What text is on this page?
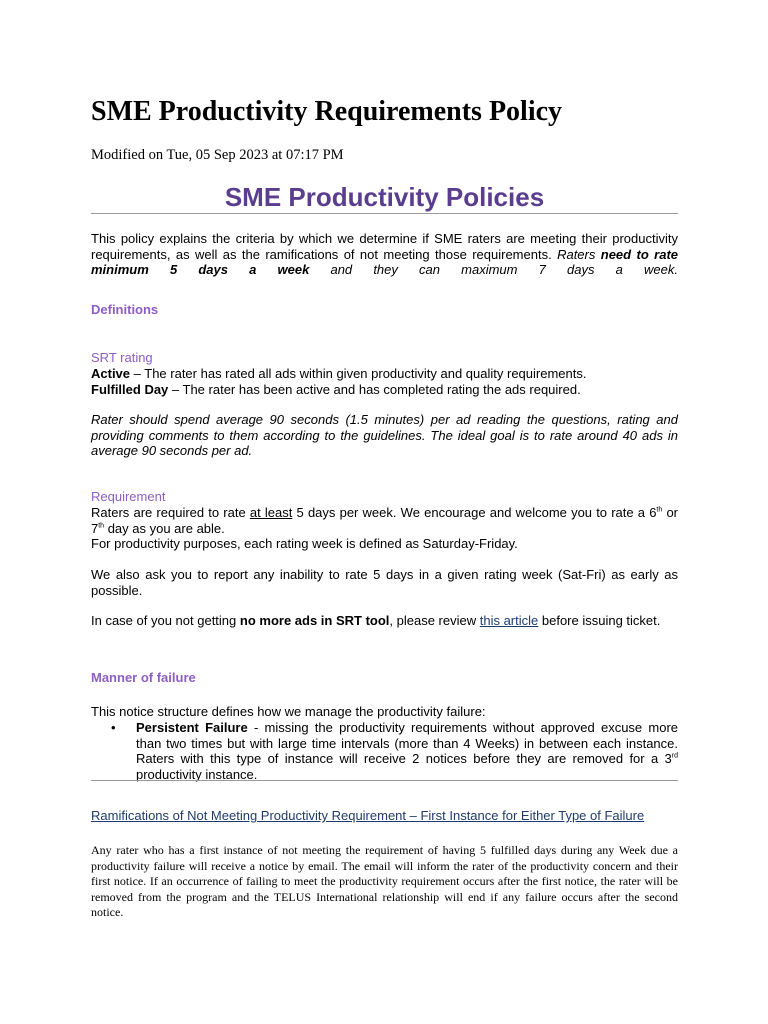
SME Productivity Requirements Policy
Modified on Tue, 05 Sep 2023 at 07:17 PM
SME Productivity Policies

This policy explains the criteria by which we determine if SME raters are meeting their productivity
requirements, as well as the ramifications of not meeting those requirements. Raters need to rate
minimum 5 days a week and they can maximum 7 days a week.

Definitions
SRT rating
Active – The rater has rated all ads within given productivity and quality requirements.
Fulfilled Day – The rater has been active and has completed rating the ads required.

Rater should spend average 90 seconds (1.5 minutes) per ad reading the questions, rating and providing comments to them according to the guidelines. The ideal goal is to rate around 40 ads in average 90 seconds per ad.

Requirement

Raters are required to rate at least 5 days per week. We encourage and welcome you to rate a 6th or
7th day as you are able.
For productivity purposes, each rating week is defined as Saturday-Friday.

We also ask you to report any inability to rate 5 days in a given rating week (Sat-Fri) as early as possible.

In case of you not getting no more ads in SRT tool, please review this article before issuing ticket.

Manner of failure
This notice structure defines how we manage the productivity failure:
• Persistent Failure - missing the productivity requirements without approved excuse more than two times but with large time intervals (more than 4 Weeks) in between each instance. Raters with this type of instance will receive 2 notices before they are removed for a 3rd productivity instance.
Ramifications of Not Meeting Productivity Requirement – First Instance for Either Type of Failure

Any rater who has a first instance of not meeting the requirement of having 5 fulfilled days during any Week due a productivity failure will receive a notice by email. The email will inform the rater of the productivity concern and their first notice. If an occurrence of failing to meet the productivity requirement occurs after the first notice, the rater will be removed from the program and the TELUS International relationship will end if any failure occurs after the second notice.
